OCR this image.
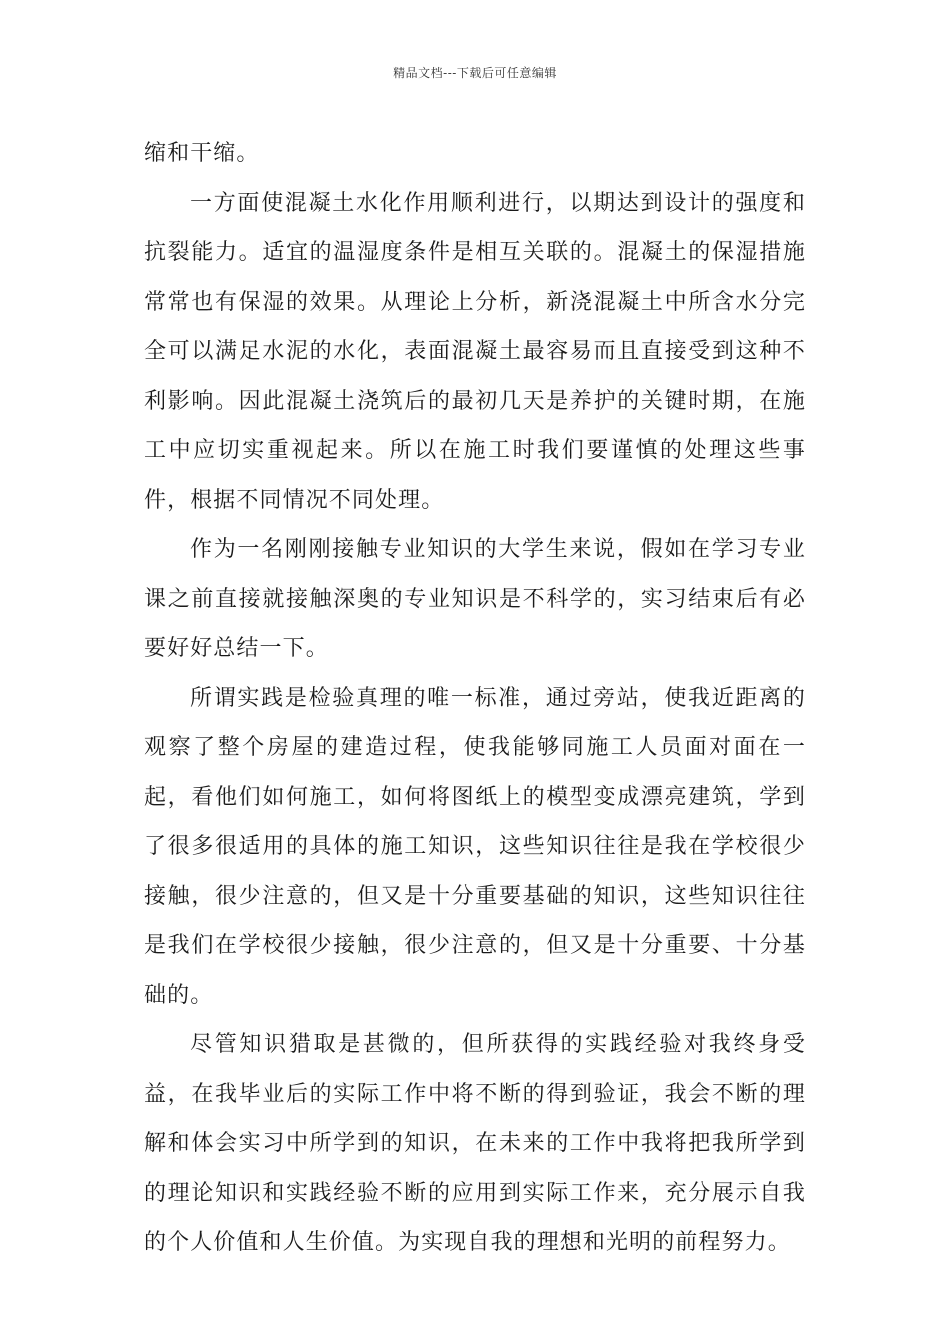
精品文档---下载后可任意编辑

缩和干缩。

一方面使混凝土水化作用顺利进行，以期达到设计的强度和抗裂能力。适宜的温湿度条件是相互关联的。混凝土的保湿措施常常也有保湿的效果。从理论上分析，新浇混凝土中所含水分完全可以满足水泥的水化，表面混凝土最容易而且直接受到这种不利影响。因此混凝土浇筑后的最初几天是养护的关键时期，在施工中应切实重视起来。所以在施工时我们要谨慎的处理这些事件，根据不同情况不同处理。

作为一名刚刚接触专业知识的大学生来说，假如在学习专业课之前直接就接触深奥的专业知识是不科学的，实习结束后有必要好好总结一下。

所谓实践是检验真理的唯一标准，通过旁站，使我近距离的观察了整个房屋的建造过程，使我能够同施工人员面对面在一起，看他们如何施工，如何将图纸上的模型变成漂亮建筑，学到了很多很适用的具体的施工知识，这些知识往往是我在学校很少接触，很少注意的，但又是十分重要基础的知识，这些知识往往是我们在学校很少接触，很少注意的，但又是十分重要、十分基础的。

尽管知识猎取是甚微的，但所获得的实践经验对我终身受益，在我毕业后的实际工作中将不断的得到验证，我会不断的理解和体会实习中所学到的知识，在未来的工作中我将把我所学到的理论知识和实践经验不断的应用到实际工作来，充分展示自我的个人价值和人生价值。为实现自我的理想和光明的前程努力。
